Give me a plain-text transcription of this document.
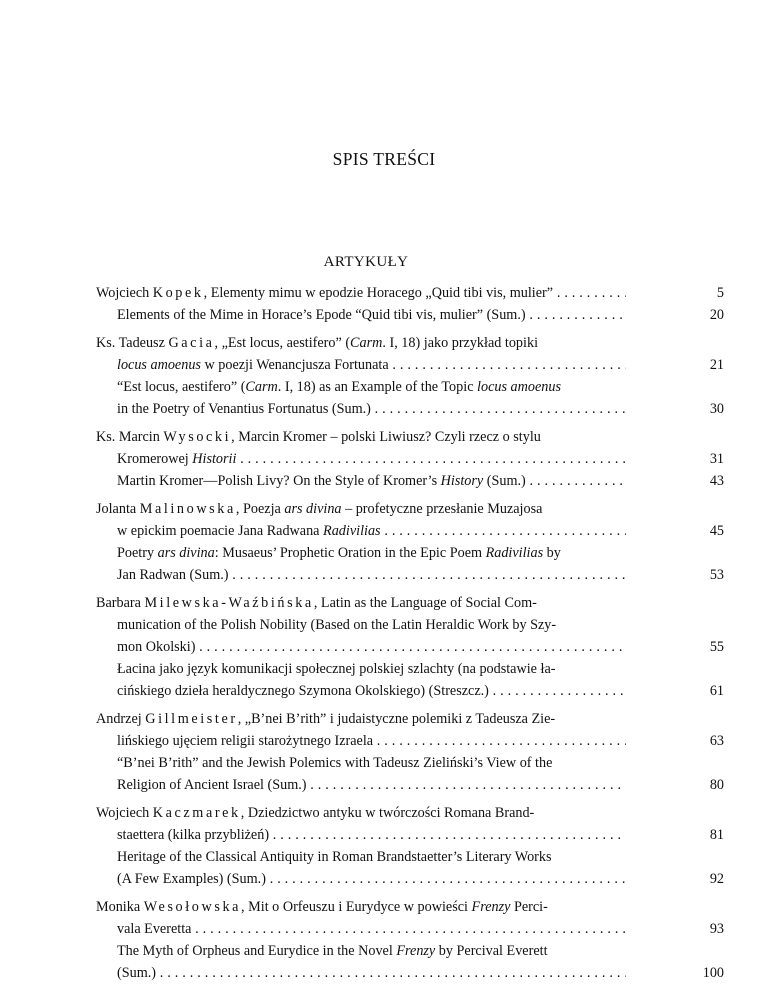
SPIS TREŚCI
ARTYKUŁY
Wojciech Kopek, Elementy mimu w epodzie Horacego „Quid tibi vis, mulier” . . .	5
Elements of the Mime in Horace’s Epode “Quid tibi vis, mulier” (Sum.) . . .	20
Ks. Tadeusz Gacia, „Est locus, aestifero” (Carm. I, 18) jako przykład topiki
locus amoenus w poezji Wenancjusza Fortunata . . .	21
“Est locus, aestifero” (Carm. I, 18) as an Example of the Topic locus amoenus
in the Poetry of Venantius Fortunatus (Sum.) . . .	30
Ks. Marcin Wysocki, Marcin Kromer – polski Liwiusz? Czyli rzecz o stylu
Kromerowej Historii . . .	31
Martin Kromer—Polish Livy? On the Style of Kromer’s History (Sum.) . . .	43
Jolanta Malinowska, Poezja ars divina – profetyczne przesłanie Muzajosa
w epickim poemacie Jana Radwana Radivilias . . .	45
Poetry ars divina: Musaeus’ Prophetic Oration in the Epic Poem Radivilias by
Jan Radwan (Sum.) . . .	53
Barbara Milewska-Waźbińska, Latin as the Language of Social Com-
munication of the Polish Nobility (Based on the Latin Heraldic Work by Szy-
mon Okolski) . . .	55
Łacina jako język komunikacji społecznej polskiej szlachty (na podstawie ła-
cińskiego dzieła heraldycznego Szymona Okolskiego) (Streszcz.) . . .	61
Andrzej Gillmeister, „B’nei B’rith” i judaistyczne polemiki z Tadeusza Zie-
lińskiego ujęciem religii starożytnego Izraela . . .	63
“B’nei B’rith” and the Jewish Polemics with Tadeusz Zieliński’s View of the
Religion of Ancient Israel (Sum.) . . .	80
Wojciech Kaczmarek, Dziedzictwo antyku w twórczości Romana Brand-
staettera (kilka przybliżeń) . . .	81
Heritage of the Classical Antiquity in Roman Brandstaetter’s Literary Works
(A Few Examples) (Sum.) . . .	92
Monika Wesołowska, Mit o Orfeuszu i Eurydyce w powieści Frenzy Perci-
vala Everetta . . .	93
The Myth of Orpheus and Eurydice in the Novel Frenzy by Percival Everett
(Sum.) . . .	100
